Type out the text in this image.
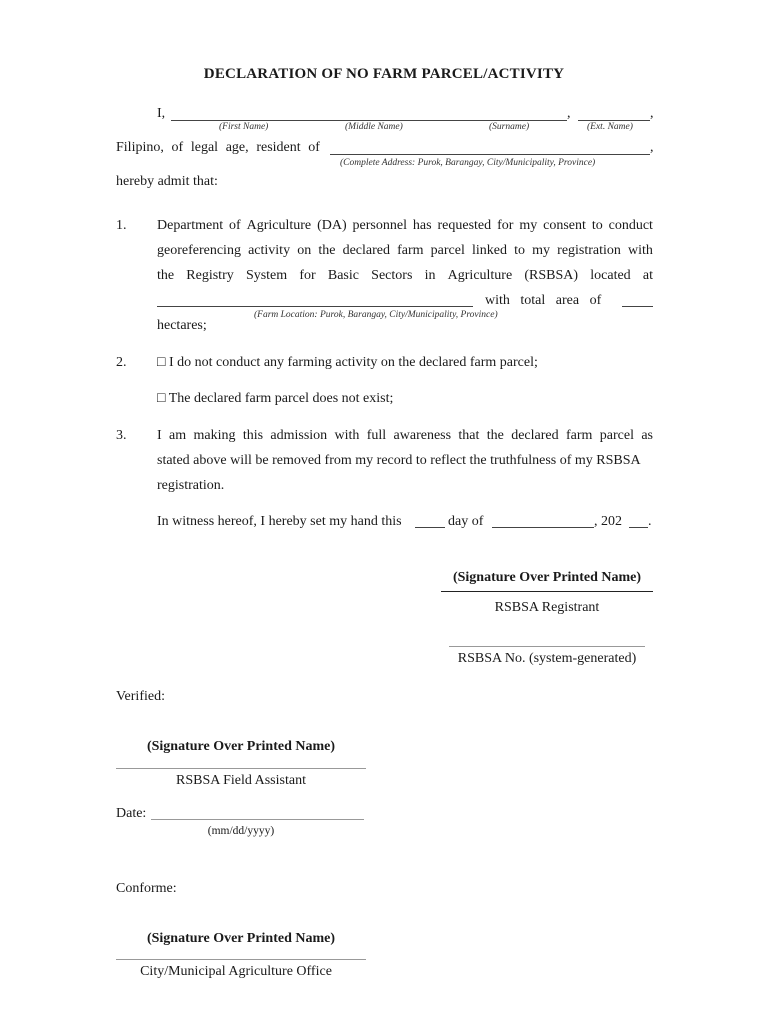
DECLARATION OF NO FARM PARCEL/ACTIVITY
I,	,	,
(First Name)	(Middle Name)	(Surname)	(Ext. Name)
Filipino, of legal age, resident of	,
(Complete Address: Purok, Barangay, City/Municipality, Province)
hereby admit that:
1. Department of Agriculture (DA) personnel has requested for my consent to conduct
georeferencing activity on the declared farm parcel linked to my registration with
the Registry System for Basic Sectors in Agriculture (RSBSA) located at
with total area of
(Farm Location: Purok, Barangay, City/Municipality, Province)
hectares;
2. □ I do not conduct any farming activity on the declared farm parcel;
□ The declared farm parcel does not exist;
3. I am making this admission with full awareness that the declared farm parcel as
stated above will be removed from my record to reflect the truthfulness of my RSBSA
registration.
In witness hereof, I hereby set my hand this	day of	, 202 .
(Signature Over Printed Name)
RSBSA Registrant
RSBSA No. (system-generated)
Verified:
(Signature Over Printed Name)
RSBSA Field Assistant
Date:
(mm/dd/yyyy)
Conforme:
(Signature Over Printed Name)
City/Municipal Agriculture Office
